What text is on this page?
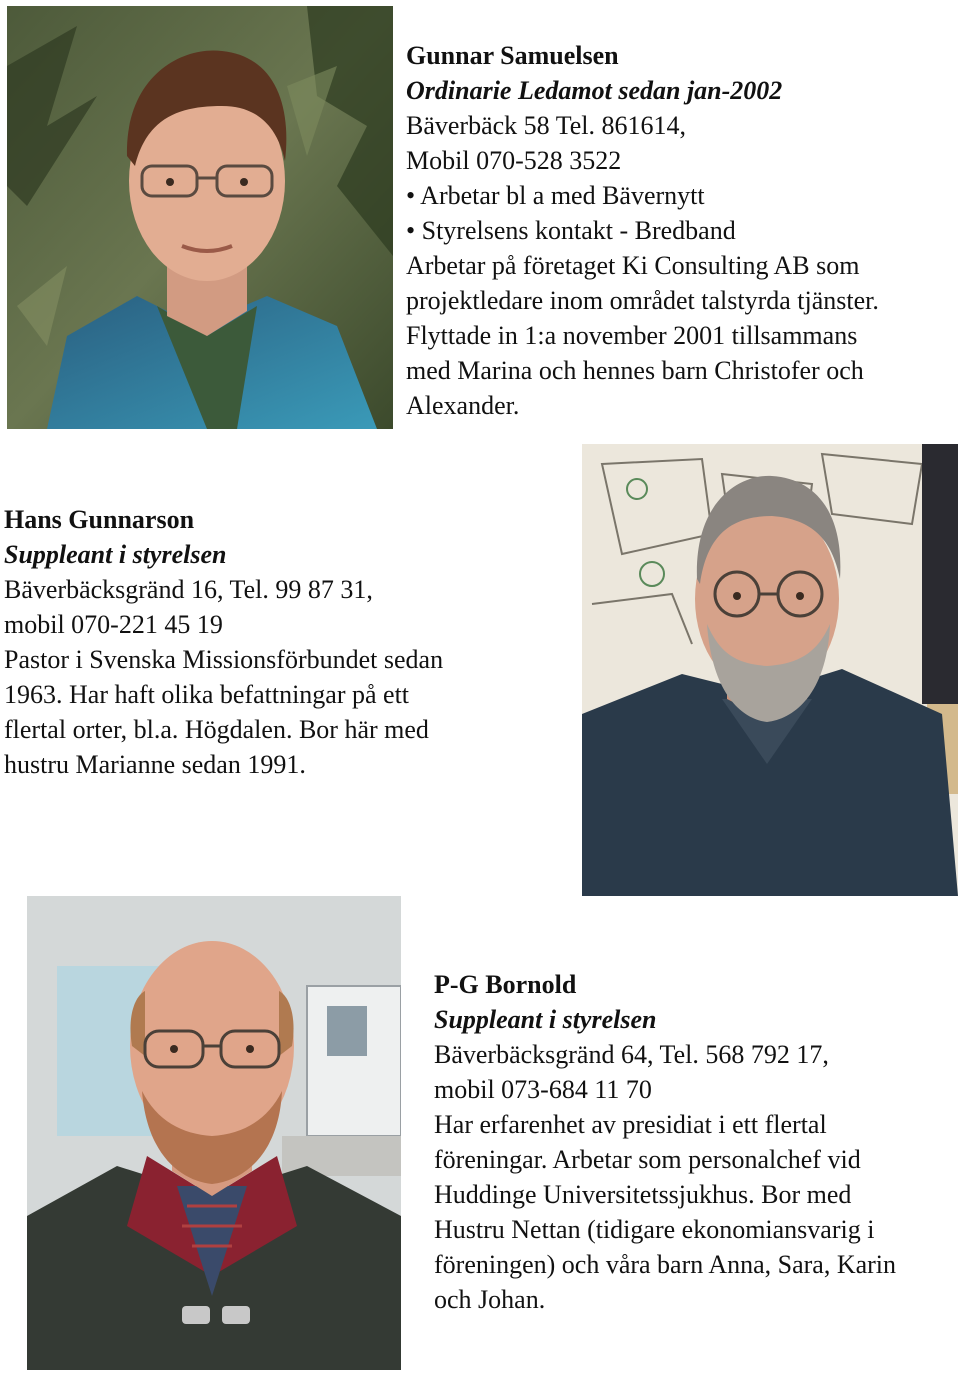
Gunnar Samuelsen
Ordinarie Ledamot sedan jan-2002
Bäverbäck 58 Tel. 861614,
Mobil 070-528 3522
• Arbetar bl a med Bävernytt
• Styrelsens kontakt - Bredband
Arbetar på företaget Ki Consulting AB som
projektledare inom området talstyrda tjänster.
Flyttade in 1:a november 2001 tillsammans
med Marina och hennes barn Christofer och
Alexander.
Hans Gunnarson
Suppleant i styrelsen
Bäverbäcksgränd 16, Tel. 99 87 31,
mobil 070-221 45 19
Pastor i Svenska Missionsförbundet sedan
1963. Har haft olika befattningar på ett
flertal orter, bl.a. Högdalen. Bor här med
hustru Marianne sedan 1991.
P-G Bornold
Suppleant i styrelsen
Bäverbäcksgränd 64, Tel. 568 792 17,
mobil 073-684 11 70
Har erfarenhet av presidiat i ett flertal
föreningar. Arbetar som personalchef vid
Huddinge Universitetssjukhus. Bor med
Hustru Nettan (tidigare ekonomiansvarig i
föreningen) och våra barn Anna, Sara, Karin
och Johan.
